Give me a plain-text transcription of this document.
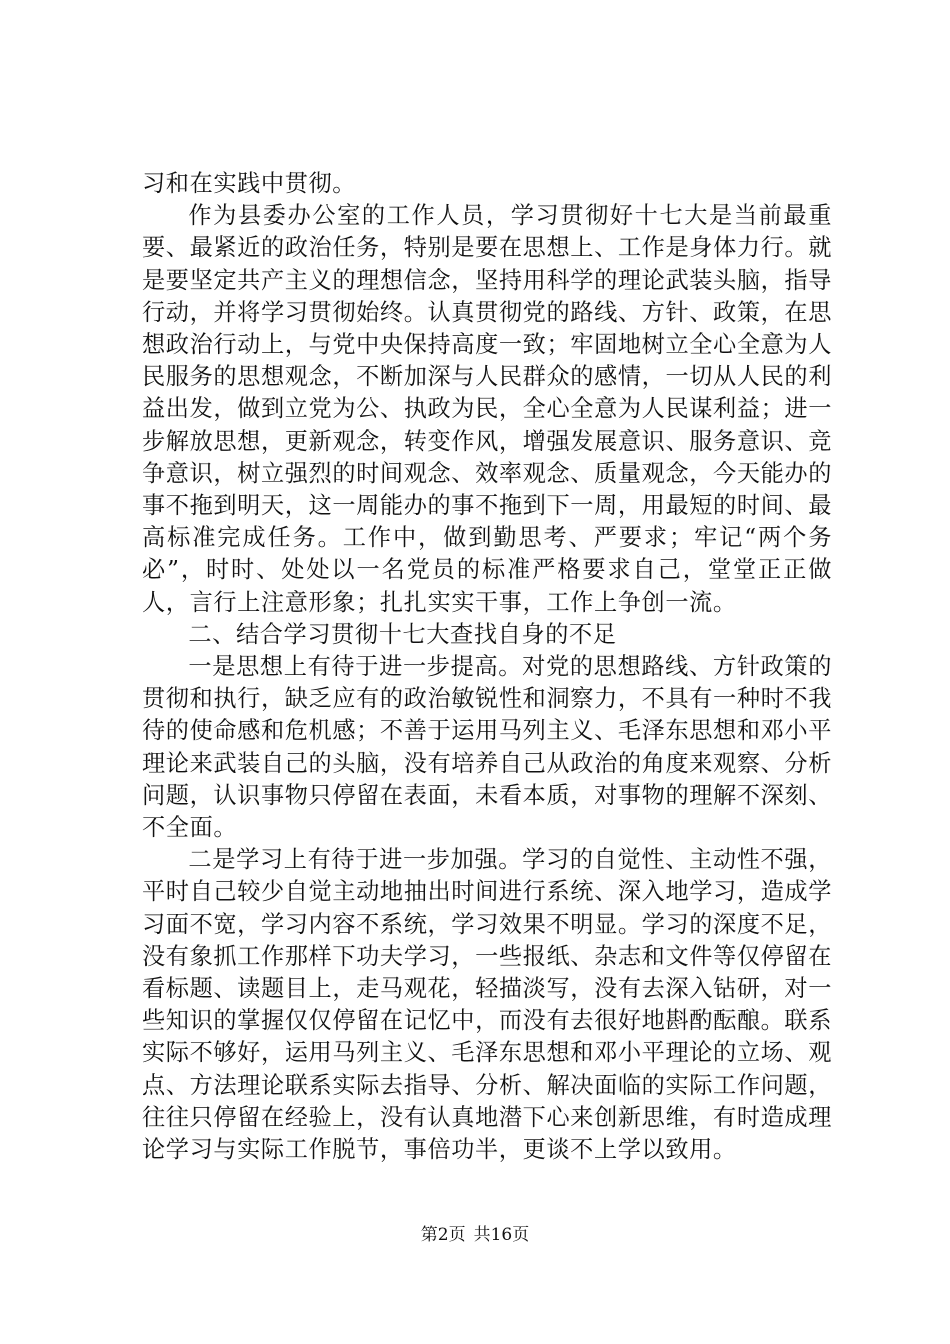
习和在实践中贯彻。

作为县委办公室的工作人员，学习贯彻好十七大是当前最重要、最紧近的政治任务，特别是要在思想上、工作是身体力行。就是要坚定共产主义的理想信念，坚持用科学的理论武装头脑，指导行动，并将学习贯彻始终。认真贯彻党的路线、方针、政策，在思想政治行动上，与党中央保持高度一致；牢固地树立全心全意为人民服务的思想观念，不断加深与人民群众的感情，一切从人民的利益出发，做到立党为公、执政为民，全心全意为人民谋利益；进一步解放思想，更新观念，转变作风，增强发展意识、服务意识、竞争意识，树立强烈的时间观念、效率观念、质量观念，今天能办的事不拖到明天，这一周能办的事不拖到下一周，用最短的时间、最高标准完成任务。工作中，做到勤思考、严要求；牢记“两个务必”，时时、处处以一名党员的标准严格要求自己，堂堂正正做人，言行上注意形象；扎扎实实干事，工作上争创一流。

二、结合学习贯彻十七大查找自身的不足

一是思想上有待于进一步提高。对党的思想路线、方针政策的贯彻和执行，缺乏应有的政治敏锐性和洞察力，不具有一种时不我待的使命感和危机感；不善于运用马列主义、毛泽东思想和邓小平理论来武装自己的头脑，没有培养自己从政治的角度来观察、分析问题，认识事物只停留在表面，未看本质，对事物的理解不深刻、不全面。

二是学习上有待于进一步加强。学习的自觉性、主动性不强，平时自己较少自觉主动地抽出时间进行系统、深入地学习，造成学习面不宽，学习内容不系统，学习效果不明显。学习的深度不足，没有象抓工作那样下功夫学习，一些报纸、杂志和文件等仅停留在看标题、读题目上，走马观花，轻描淡写，没有去深入钻研，对一些知识的掌握仅仅停留在记忆中，而没有去很好地斟酌酝酿。联系实际不够好，运用马列主义、毛泽东思想和邓小平理论的立场、观点、方法理论联系实际去指导、分析、解决面临的实际工作问题，往往只停留在经验上，没有认真地潜下心来创新思维，有时造成理论学习与实际工作脱节，事倍功半，更谈不上学以致用。

第2页 共16页
